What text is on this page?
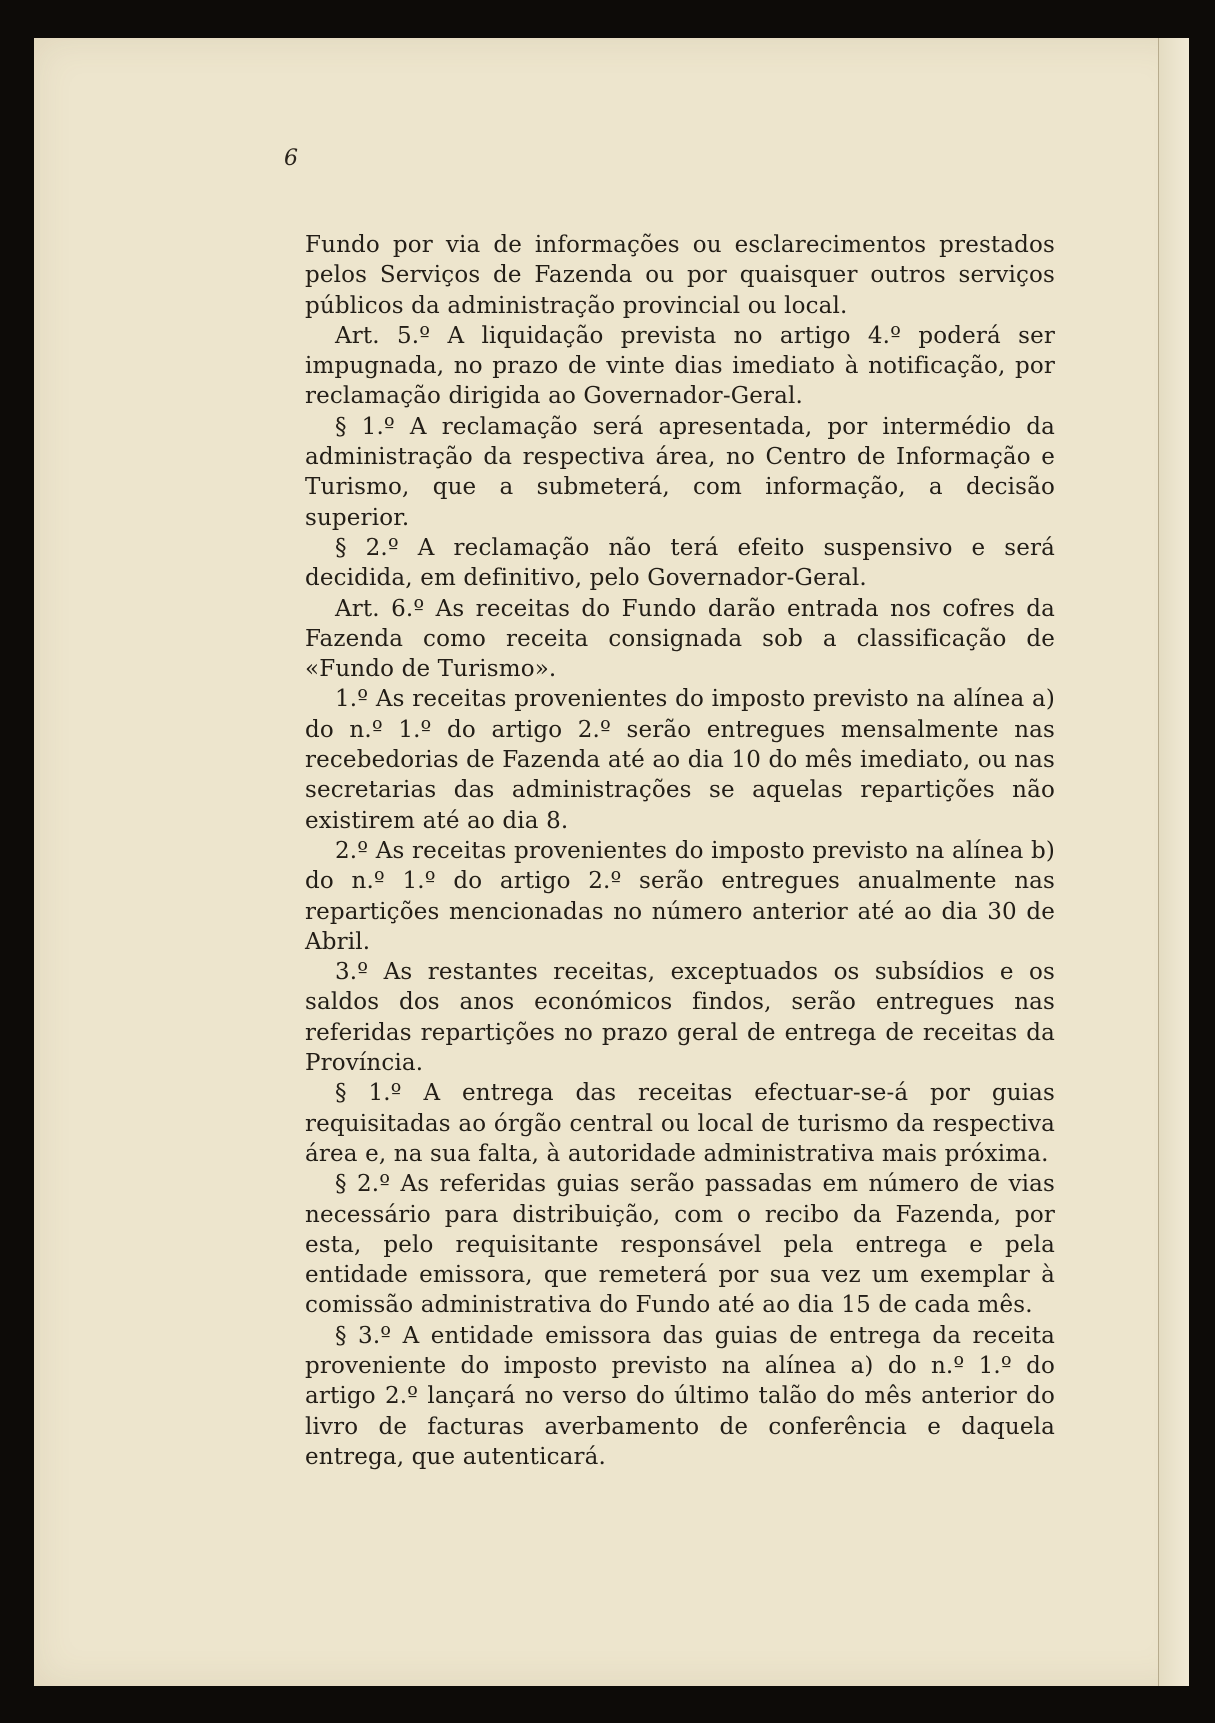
6

Fundo por via de informações ou esclarecimentos prestados pelos Serviços de Fazenda ou por quaisquer outros serviços públicos da administração provincial ou local.

Art. 5.º A liquidação prevista no artigo 4.º poderá ser impugnada, no prazo de vinte dias imediato à notificação, por reclamação dirigida ao Governador-Geral.

§ 1.º A reclamação será apresentada, por intermédio da administração da respectiva área, no Centro de Informação e Turismo, que a submeterá, com informação, a decisão superior.

§ 2.º A reclamação não terá efeito suspensivo e será decidida, em definitivo, pelo Governador-Geral.

Art. 6.º As receitas do Fundo darão entrada nos cofres da Fazenda como receita consignada sob a classificação de «Fundo de Turismo».

1.º As receitas provenientes do imposto previsto na alínea a) do n.º 1.º do artigo 2.º serão entregues mensalmente nas recebedorias de Fazenda até ao dia 10 do mês imediato, ou nas secretarias das administrações se aquelas repartições não existirem até ao dia 8.

2.º As receitas provenientes do imposto previsto na alínea b) do n.º 1.º do artigo 2.º serão entregues anualmente nas repartições mencionadas no número anterior até ao dia 30 de Abril.

3.º As restantes receitas, exceptuados os subsídios e os saldos dos anos económicos findos, serão entregues nas referidas repartições no prazo geral de entrega de receitas da Província.

§ 1.º A entrega das receitas efectuar-se-á por guias requisitadas ao órgão central ou local de turismo da respectiva área e, na sua falta, à autoridade administrativa mais próxima.

§ 2.º As referidas guias serão passadas em número de vias necessário para distribuição, com o recibo da Fazenda, por esta, pelo requisitante responsável pela entrega e pela entidade emissora, que remeterá por sua vez um exemplar à comissão administrativa do Fundo até ao dia 15 de cada mês.

§ 3.º A entidade emissora das guias de entrega da receita proveniente do imposto previsto na alínea a) do n.º 1.º do artigo 2.º lançará no verso do último talão do mês anterior do livro de facturas averbamento de conferência e daquela entrega, que autenticará.
